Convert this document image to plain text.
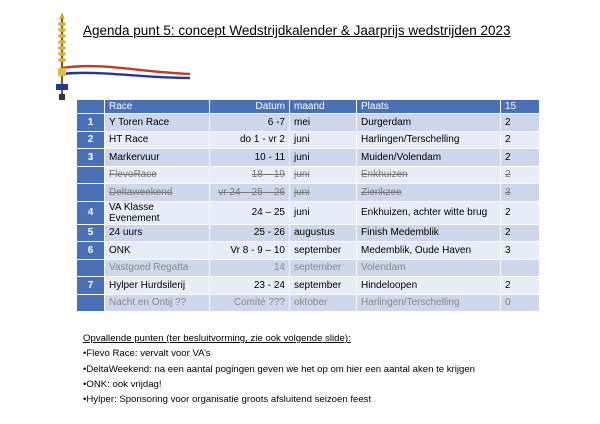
Agenda punt 5: concept Wedstrijdkalender & Jaarprijs wedstrijden 2023
	Race	Datum	maand	Plaats	15
1	Y Toren Race	6 -7	mei	Durgerdam	2
2	HT Race	do 1 - vr 2	juni	Harlingen/Terschelling	2
3	Markervuur	10 - 11	juni	Muiden/Volendam	2
	FlevoRace	18 – 19	juni	Enkhuizen	2
	Deltaweekend	vr 24 – 25 – 26	juni	Zierikzee	3
4	VA Klasse Evenement	24 – 25	juni	Enkhuizen, achter witte brug	2
5	24 uurs	25 - 26	augustus	Finish Medemblik	2
6	ONK	Vr 8 - 9 – 10	september	Medemblik, Oude Haven	3
	Vastgoed Regatta	14	september	Volendam	
7	Hylper Hurdsilerij	23 - 24	september	Hindeloopen	2
	Nacht en Ontij ??	Comité ???	oktober	Harlingen/Terschelling	0
Opvallende punten (ter besluitvorming, zie ook volgende slide):
•Flevo Race: vervalt voor VA’s
•DeltaWeekend: na een aantal pogingen geven we het op om hier een aantal aken te krijgen
•ONK: ook vrijdag!
•Hylper: Sponsoring voor organisatie groots afsluitend seizoen feest
